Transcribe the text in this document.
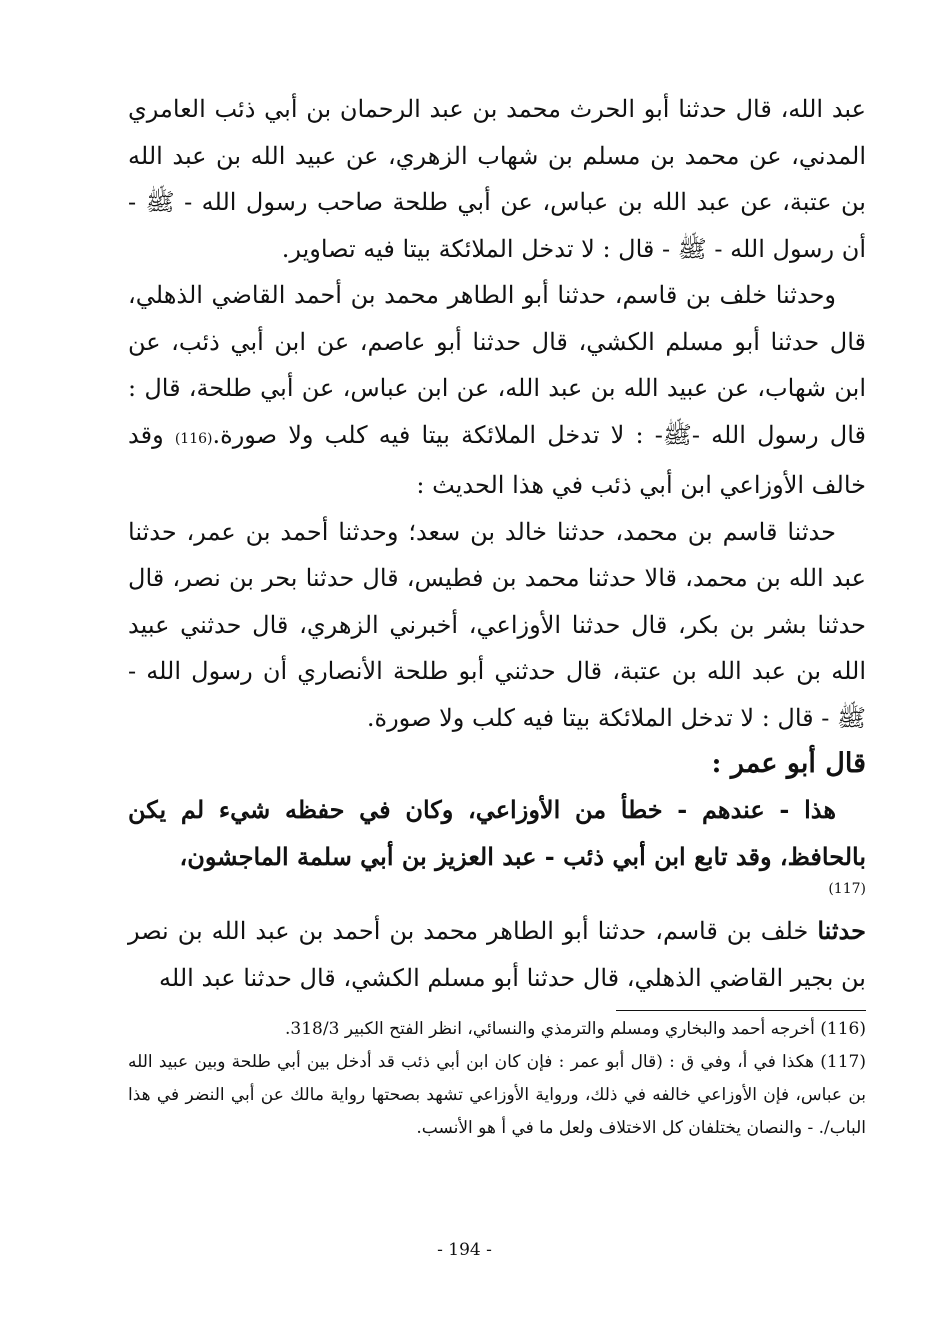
عبد الله، قال حدثنا أبو الحرث محمد بن عبد الرحمان بن أبي ذئب العامري المدني، عن محمد بن مسلم بن شهاب الزهري، عن عبيد الله بن عبد الله بن عتبة، عن عبد الله بن عباس، عن أبي طلحة صاحب رسول الله - ﷺ - أن رسول الله - ﷺ - قال : لا تدخل الملائكة بيتا فيه تصاوير.

وحدثنا خلف بن قاسم، حدثنا أبو الطاهر محمد بن أحمد القاضي الذهلي، قال حدثنا أبو مسلم الكشي، قال حدثنا أبو عاصم، عن ابن أبي ذئب، عن ابن شهاب، عن عبيد الله بن عبد الله، عن ابن عباس، عن أبي طلحة، قال : قال رسول الله -ﷺ- : لا تدخل الملائكة بيتا فيه كلب ولا صورة.(116) وقد خالف الأوزاعي ابن أبي ذئب في هذا الحديث :

حدثنا قاسم بن محمد، حدثنا خالد بن سعد؛ وحدثنا أحمد بن عمر، حدثنا عبد الله بن محمد، قالا حدثنا محمد بن فطيس، قال حدثنا بحر بن نصر، قال حدثنا بشر بن بكر، قال حدثنا الأوزاعي، أخبرني الزهري، قال حدثني عبيد الله بن عبد الله بن عتبة، قال حدثني أبو طلحة الأنصاري أن رسول الله - ﷺ - قال : لا تدخل الملائكة بيتا فيه كلب ولا صورة.

قال أبو عمر :

هذا - عندهم - خطأ من الأوزاعي، وكان في حفظه شيء لم يكن بالحافظ، وقد تابع ابن أبي ذئب - عبد العزيز بن أبي سلمة الماجشون،

(117)

حدثنا خلف بن قاسم، حدثنا أبو الطاهر محمد بن أحمد بن عبد الله بن نصر بن بجير القاضي الذهلي، قال حدثنا أبو مسلم الكشي، قال حدثنا عبد الله

(116) أخرجه أحمد والبخاري ومسلم والترمذي والنسائي، انظر الفتح الكبير 318/3.

(117) هكذا في أ، وفي ق : (قال أبو عمر : فإن كان ابن أبي ذئب قد أدخل بين أبي طلحة وبين عبيد الله بن عباس، فإن الأوزاعي خالفه في ذلك، ورواية الأوزاعي تشهد بصحتها رواية مالك عن أبي النضر في هذا الباب/. - والنصان يختلفان كل الاختلاف ولعل ما في أ هو الأنسب.

- 194 -
